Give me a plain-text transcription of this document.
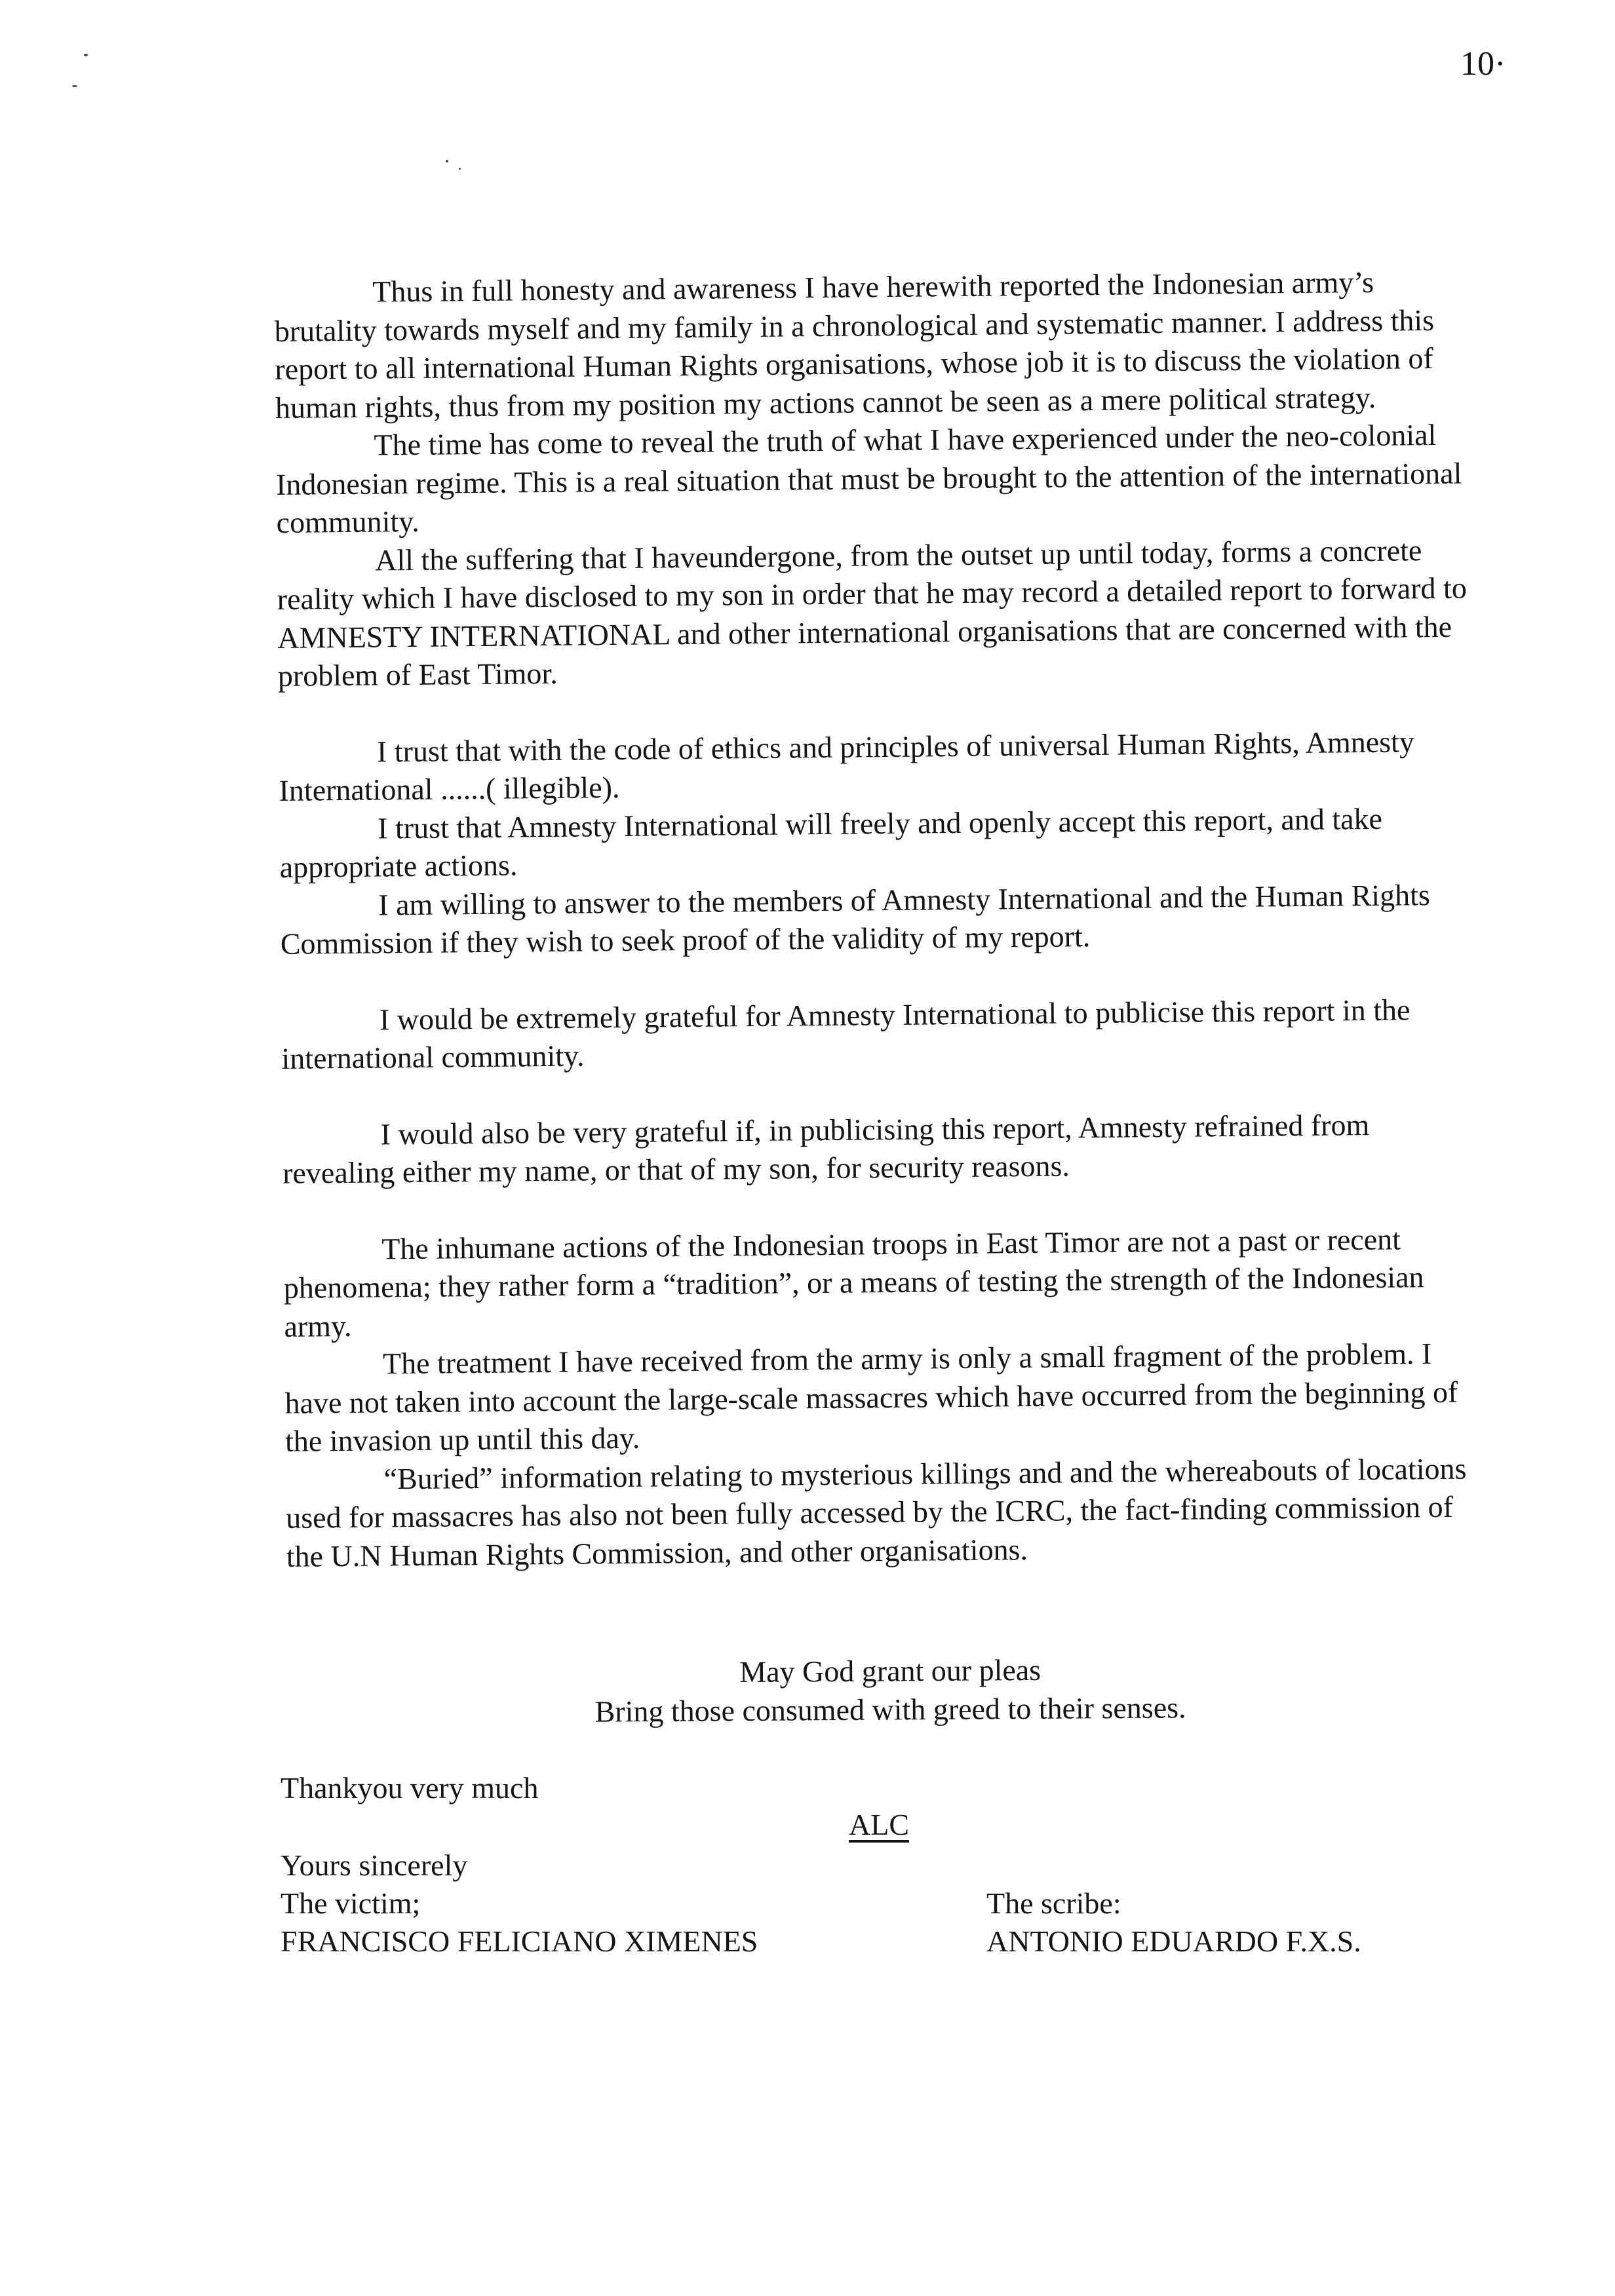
10·

Thus in full honesty and awareness I have herewith reported the Indonesian army’s brutality towards myself and my family in a chronological and systematic manner. I address this report to all international Human Rights organisations, whose job it is to discuss the violation of human rights, thus from my position my actions cannot be seen as a mere political strategy.

The time has come to reveal the truth of what I have experienced under the neo-colonial Indonesian regime. This is a real situation that must be brought to the attention of the international community.

All the suffering that I haveundergone, from the outset up until today, forms a concrete reality which I have disclosed to my son in order that he may record a detailed report to forward to AMNESTY INTERNATIONAL and other international organisations that are concerned with the problem of East Timor.

I trust that with the code of ethics and principles of universal Human Rights, Amnesty International ......( illegible).

I trust that Amnesty International will freely and openly accept this report, and take appropriate actions.

I am willing to answer to the members of Amnesty International and the Human Rights Commission if they wish to seek proof of the validity of my report.

I would be extremely grateful for Amnesty International to publicise this report in the international community.

I would also be very grateful if, in publicising this report, Amnesty refrained from revealing either my name, or that of my son, for security reasons.

The inhumane actions of the Indonesian troops in East Timor are not a past or recent phenomena; they rather form a “tradition”, or a means of testing the strength of the Indonesian army.

The treatment I have received from the army is only a small fragment of the problem. I have not taken into account the large-scale massacres which have occurred from the beginning of the invasion up until this day.

“Buried” information relating to mysterious killings and and the whereabouts of locations used for massacres has also not been fully accessed by the ICRC, the fact-finding commission of the U.N Human Rights Commission, and other organisations.

May God grant our pleas

Bring those consumed with greed to their senses.

Thankyou very much
ALC
Yours sincerely
The victim;
FRANCISCO FELICIANO XIMENES
The scribe:
ANTONIO EDUARDO F.X.S.
